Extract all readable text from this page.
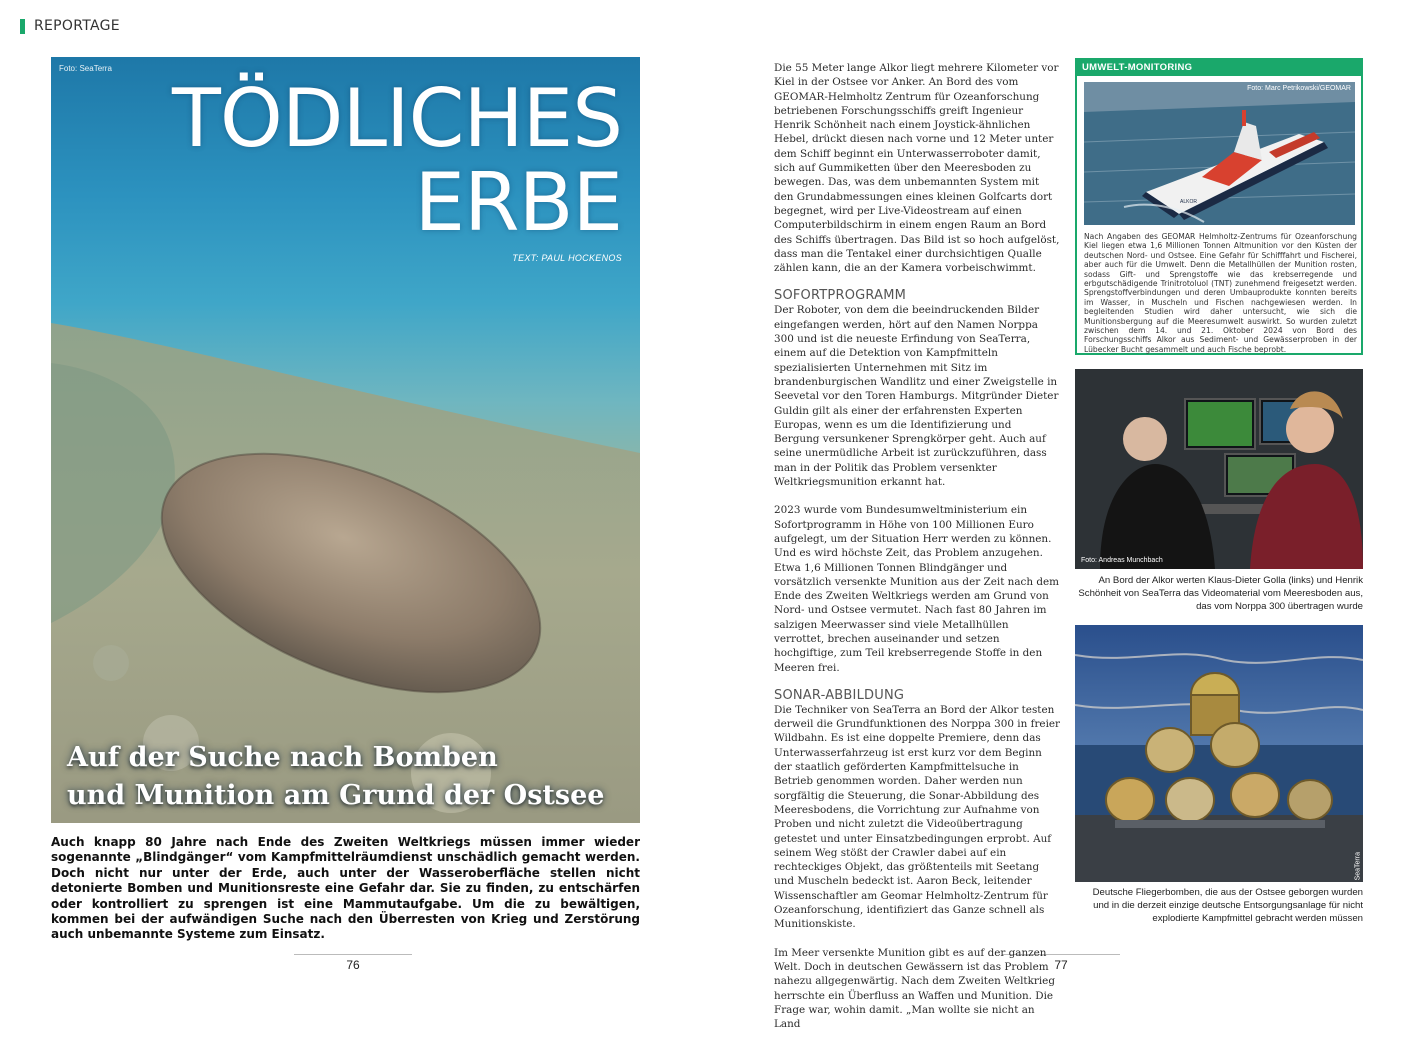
REPORTAGE
Foto: SeaTerra
TÖDLICHES
ERBE
TEXT: PAUL HOCKENOS
Auf der Suche nach Bomben
und Munition am Grund der Ostsee
Auch knapp 80 Jahre nach Ende des Zweiten Weltkriegs müssen immer wieder sogenannte „Blindgänger“ vom Kampfmittelräumdienst unschädlich gemacht werden. Doch nicht nur unter der Erde, auch unter der Wasseroberfläche stellen nicht detonierte Bomben und Munitionsreste eine Gefahr dar. Sie zu finden, zu entschärfen oder kontrolliert zu sprengen ist eine Mammutaufgabe. Um die zu bewältigen, kommen bei der aufwändigen Suche nach den Überresten von Krieg und Zerstörung auch unbemannte Systeme zum Einsatz.
76	77

Die 55 Meter lange Alkor liegt mehrere Kilometer vor Kiel in der Ostsee vor Anker. An Bord des vom GEOMAR-Helmholtz Zentrum für Ozeanforschung betriebenen Forschungsschiffs greift Ingenieur Henrik Schönheit nach einem Joystick-ähnlichen Hebel, drückt diesen nach vorne und 12 Meter unter dem Schiff beginnt ein Unterwasserroboter damit, sich auf Gummiketten über den Meeresboden zu bewegen. Das, was dem unbemannten System mit den Grundabmessungen eines kleinen Golfcarts dort begegnet, wird per Live-Videostream auf einen Computerbildschirm in einem engen Raum an Bord des Schiffs übertragen. Das Bild ist so hoch aufgelöst, dass man die Tentakel einer durchsichtigen Qualle zählen kann, die an der Kamera vorbeischwimmt.

SOFORTPROGRAMM

Der Roboter, von dem die beeindruckenden Bilder eingefangen werden, hört auf den Namen Norppa 300 und ist die neueste Erfindung von SeaTerra, einem auf die Detektion von Kampfmitteln spezialisierten Unternehmen mit Sitz im brandenburgischen Wandlitz und einer Zweigstelle in Seevetal vor den Toren Hamburgs. Mitgründer Dieter Guldin gilt als einer der erfahrensten Experten Europas, wenn es um die Identifizierung und Bergung versunkener Sprengkörper geht. Auch auf seine unermüdliche Arbeit ist zurückzuführen, dass man in der Politik das Problem versenkter Weltkriegsmunition erkannt hat.

2023 wurde vom Bundesumweltministerium ein Sofortprogramm in Höhe von 100 Millionen Euro aufgelegt, um der Situation Herr werden zu können. Und es wird höchste Zeit, das Problem anzugehen. Etwa 1,6 Millionen Tonnen Blindgänger und vorsätzlich versenkte Munition aus der Zeit nach dem Ende des Zweiten Weltkriegs werden am Grund von Nord- und Ostsee vermutet. Nach fast 80 Jahren im salzigen Meerwasser sind viele Metallhüllen verrottet, brechen auseinander und setzen hochgiftige, zum Teil krebserregende Stoffe in den Meeren frei.

SONAR-ABBILDUNG

Die Techniker von SeaTerra an Bord der Alkor testen derweil die Grundfunktionen des Norppa 300 in freier Wildbahn. Es ist eine doppelte Premiere, denn das Unterwasserfahrzeug ist erst kurz vor dem Beginn der staatlich geförderten Kampfmittelsuche in Betrieb genommen worden. Daher werden nun sorgfältig die Steuerung, die Sonar-Abbildung des Meeresbodens, die Vorrichtung zur Aufnahme von Proben und nicht zuletzt die Videoübertragung getestet und unter Einsatzbedingungen erprobt. Auf seinem Weg stößt der Crawler dabei auf ein rechteckiges Objekt, das größtenteils mit Seetang und Muscheln bedeckt ist. Aaron Beck, leitender Wissenschaftler am Geomar Helmholtz-Zentrum für Ozeanforschung, identifiziert das Ganze schnell als Munitionskiste.

Im Meer versenkte Munition gibt es auf der ganzen Welt. Doch in deutschen Gewässern ist das Problem nahezu allgegenwärtig. Nach dem Zweiten Weltkrieg herrschte ein Überfluss an Waffen und Munition. Die Frage war, wohin damit. „Man wollte sie nicht an Land

UMWELT-MONITORING
ALKOR
Foto: Marc Petrikowski/GEOMAR
Nach Angaben des GEOMAR Helmholtz-Zentrums für Ozeanforschung Kiel liegen etwa 1,6 Millionen Tonnen Altmunition vor den Küsten der deutschen Nord- und Ostsee. Eine Gefahr für Schifffahrt und Fischerei, aber auch für die Umwelt. Denn die Metallhüllen der Munition rosten, sodass Gift- und Sprengstoffe wie das krebserregende und erbgutschädigende Trinitrotoluol (TNT) zunehmend freigesetzt werden. Sprengstoffverbindungen und deren Umbauprodukte konnten bereits im Wasser, in Muscheln und Fischen nachgewiesen werden. In begleitenden Studien wird daher untersucht, wie sich die Munitionsbergung auf die Meeresumwelt auswirkt. So wurden zuletzt zwischen dem 14. und 21. Oktober 2024 von Bord des Forschungsschiffs Alkor aus Sediment- und Gewässerproben in der Lübecker Bucht gesammelt und auch Fische beprobt.
Foto: Andreas Munchbach
An Bord der Alkor werten Klaus-Dieter Golla (links) und Henrik Schönheit von SeaTerra das Videomaterial vom Meeresboden aus, das vom Norppa 300 übertragen wurde
Foto: SeaTerra
Deutsche Fliegerbomben, die aus der Ostsee geborgen wurden und in die derzeit einzige deutsche Entsorgungsanlage für nicht explodierte Kampfmittel gebracht werden müssen
